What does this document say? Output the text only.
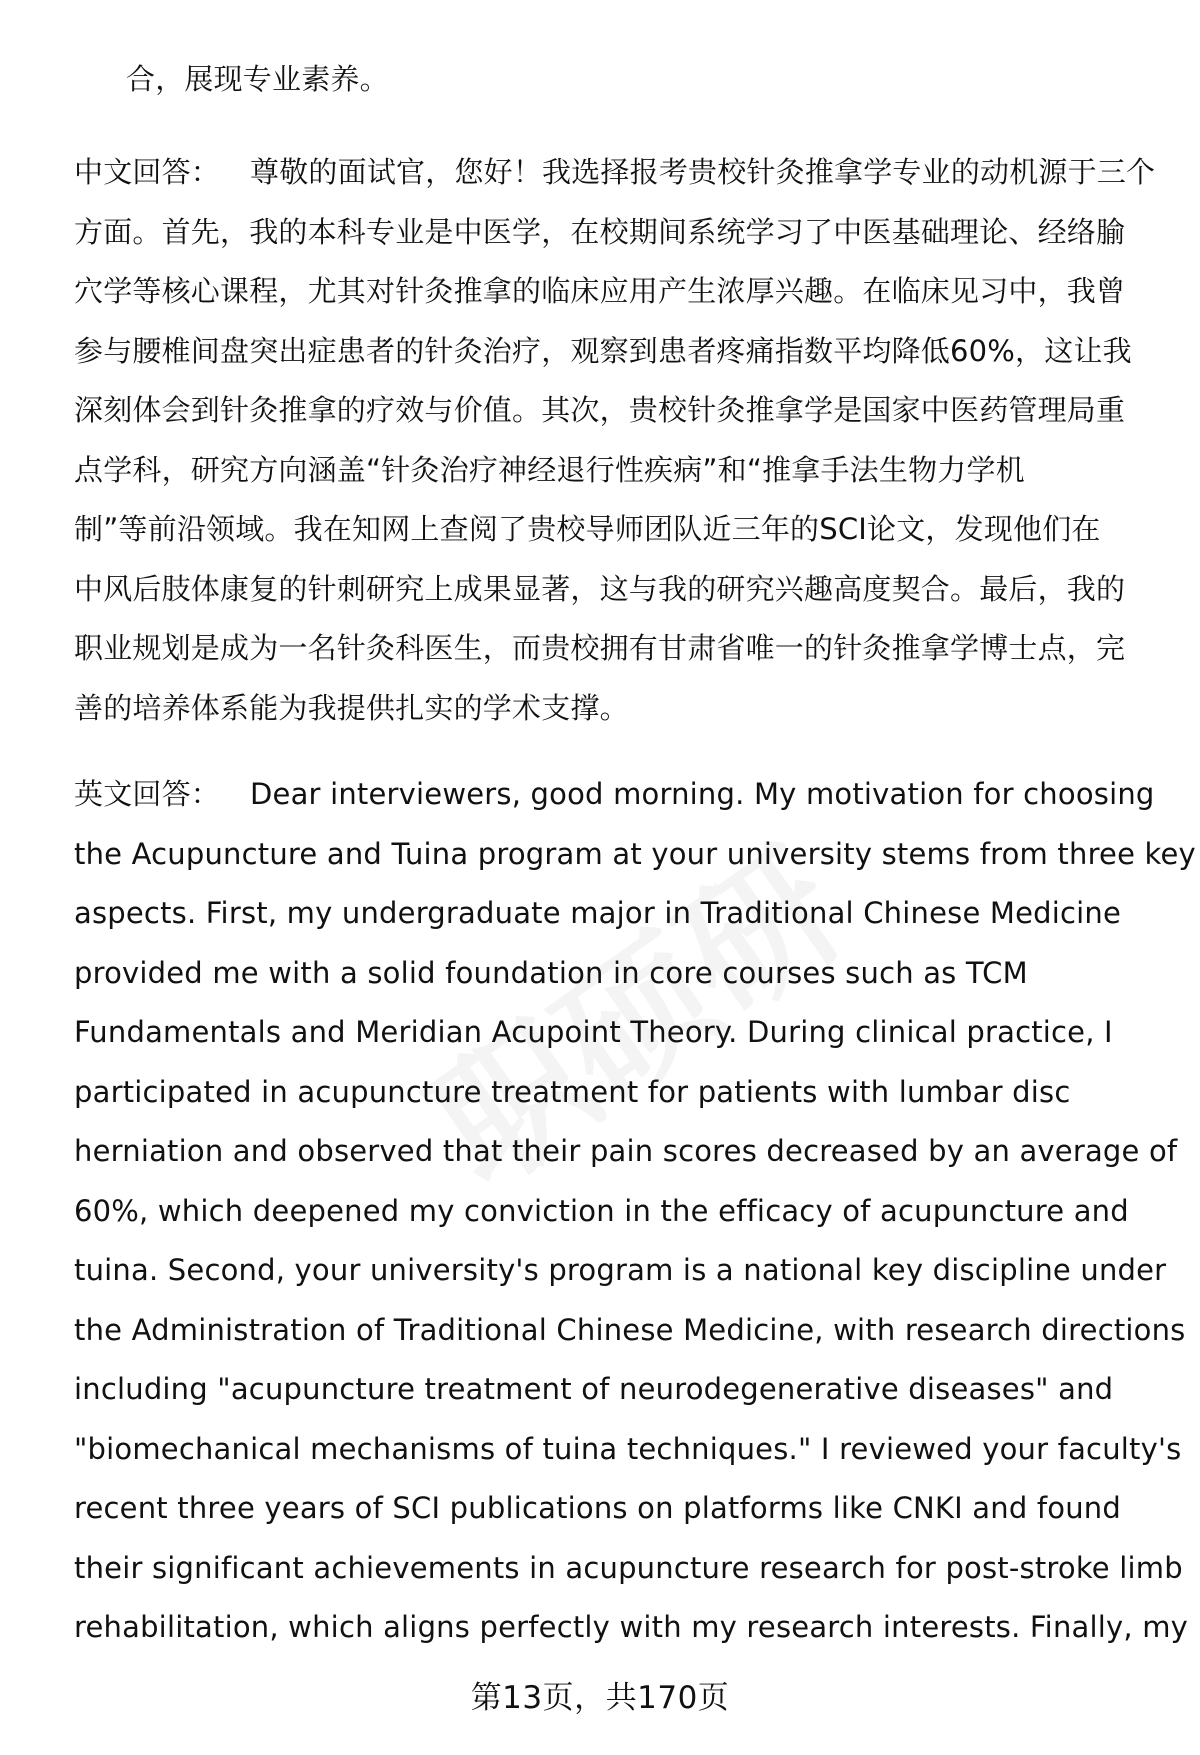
合，展现专业素养。
中文回答： 尊敬的面试官，您好！我选择报考贵校针灸推拿学专业的动机源于三个
方面。首先，我的本科专业是中医学，在校期间系统学习了中医基础理论、经络腧
穴学等核心课程，尤其对针灸推拿的临床应用产生浓厚兴趣。在临床见习中，我曾
参与腰椎间盘突出症患者的针灸治疗，观察到患者疼痛指数平均降低60%，这让我
深刻体会到针灸推拿的疗效与价值。其次，贵校针灸推拿学是国家中医药管理局重
点学科，研究方向涵盖“针灸治疗神经退行性疾病”和“推拿手法生物力学机
制”等前沿领域。我在知网上查阅了贵校导师团队近三年的SCI论文，发现他们在
中风后肢体康复的针刺研究上成果显著，这与我的研究兴趣高度契合。最后，我的
职业规划是成为一名针灸科医生，而贵校拥有甘肃省唯一的针灸推拿学博士点，完
善的培养体系能为我提供扎实的学术支撑。
英文回答： Dear interviewers, good morning. My motivation for choosing
the Acupuncture and Tuina program at your university stems from three key
aspects. First, my undergraduate major in Traditional Chinese Medicine
provided me with a solid foundation in core courses such as TCM
Fundamentals and Meridian Acupoint Theory. During clinical practice, I
participated in acupuncture treatment for patients with lumbar disc
herniation and observed that their pain scores decreased by an average of
60%, which deepened my conviction in the efficacy of acupuncture and
tuina. Second, your university's program is a national key discipline under
the Administration of Traditional Chinese Medicine, with research directions
including "acupuncture treatment of neurodegenerative diseases" and
"biomechanical mechanisms of tuina techniques." I reviewed your faculty's
recent three years of SCI publications on platforms like CNKI and found
their significant achievements in acupuncture research for post-stroke limb
rehabilitation, which aligns perfectly with my research interests. Finally, my
第13页，共170页
